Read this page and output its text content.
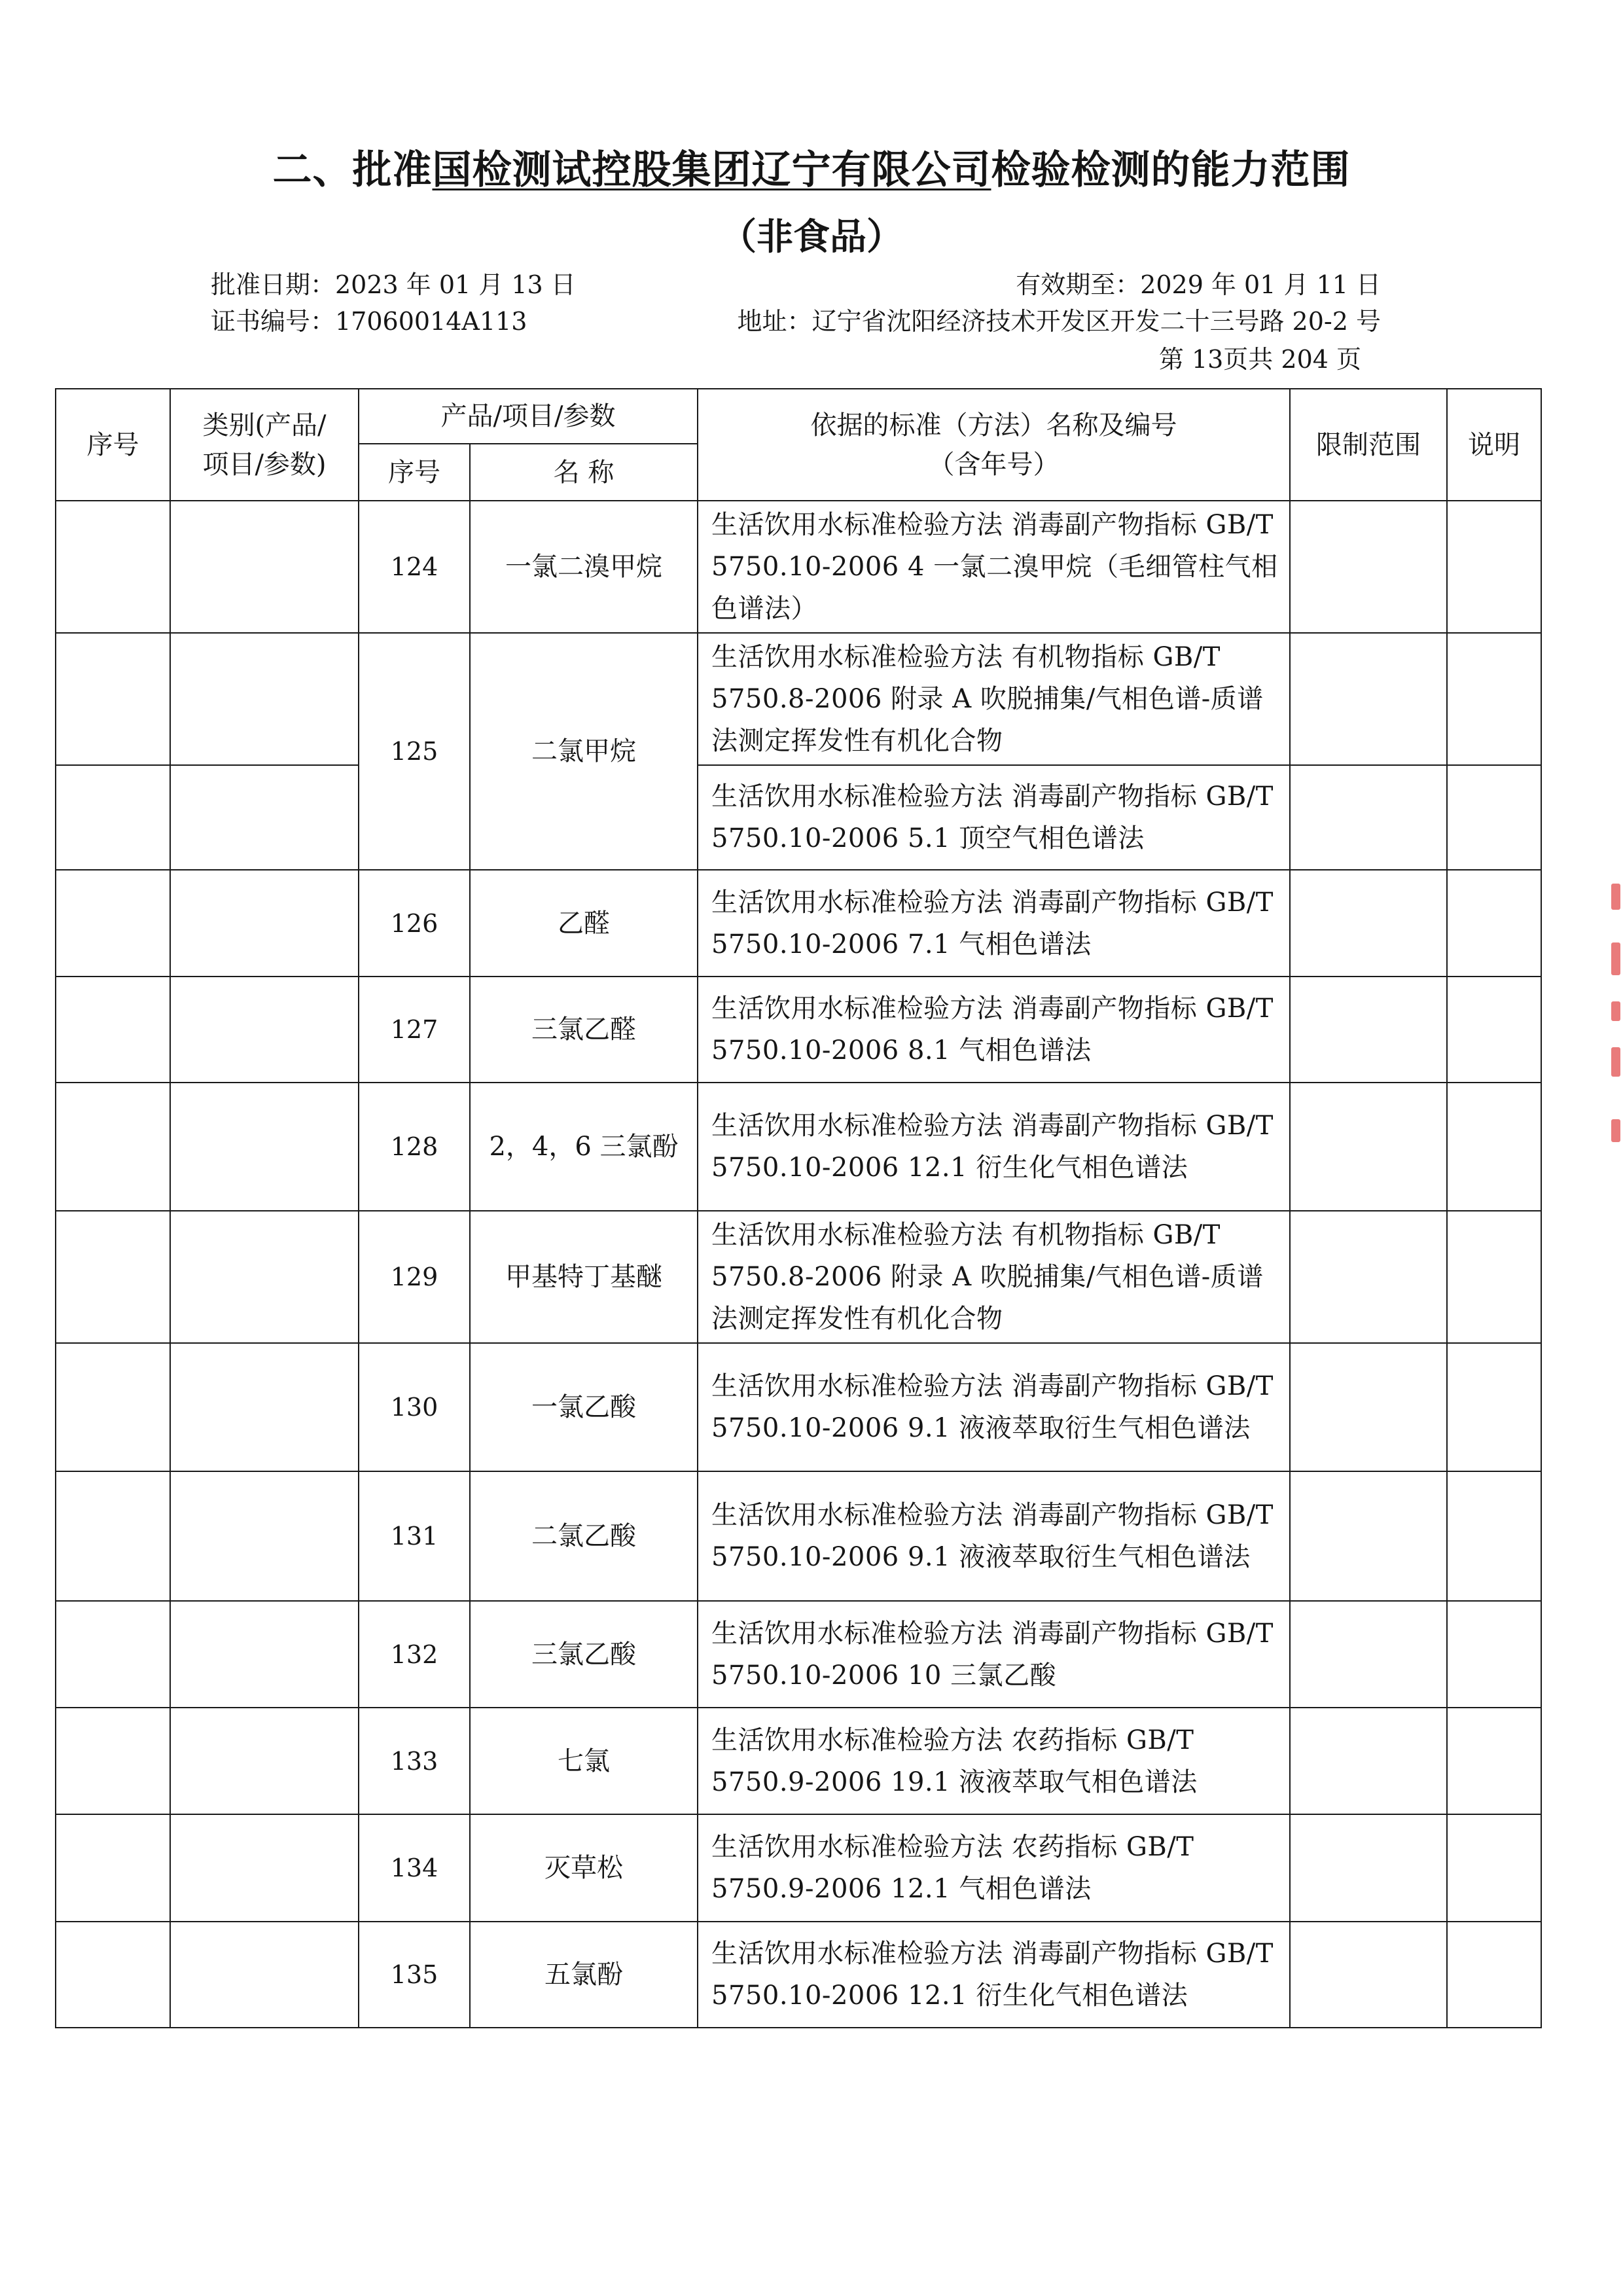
二、批准国检测试控股集团辽宁有限公司检验检测的能力范围
（非食品）
批准日期：2023 年 01 月 13 日	有效期至：2029 年 01 月 11 日
证书编号：17060014A113	地址：辽宁省沈阳经济技术开发区开发二十三号路 20-2 号
第 13页共 204 页
序号	类别(产品/项目/参数)	产品/项目/参数		依据的标准（方法）名称及编号（含年号）	限制范围	说明
		序号	名 称			
		124	一氯二溴甲烷	生活饮用水标准检验方法 消毒副产物指标 GB/T 5750.10-2006 4 一氯二溴甲烷（毛细管柱气相色谱法）		
		125	二氯甲烷	生活饮用水标准检验方法 有机物指标 GB/T 5750.8-2006 附录 A 吹脱捕集/气相色谱-质谱法测定挥发性有机化合物		
				生活饮用水标准检验方法 消毒副产物指标 GB/T 5750.10-2006 5.1 顶空气相色谱法		
		126	乙醛	生活饮用水标准检验方法 消毒副产物指标 GB/T 5750.10-2006 7.1 气相色谱法		
		127	三氯乙醛	生活饮用水标准检验方法 消毒副产物指标 GB/T 5750.10-2006 8.1 气相色谱法		
		128	2，4，6 三氯酚	生活饮用水标准检验方法 消毒副产物指标 GB/T 5750.10-2006 12.1 衍生化气相色谱法		
		129	甲基特丁基醚	生活饮用水标准检验方法 有机物指标 GB/T 5750.8-2006 附录 A 吹脱捕集/气相色谱-质谱法测定挥发性有机化合物		
		130	一氯乙酸	生活饮用水标准检验方法 消毒副产物指标 GB/T 5750.10-2006 9.1 液液萃取衍生气相色谱法		
		131	二氯乙酸	生活饮用水标准检验方法 消毒副产物指标 GB/T 5750.10-2006 9.1 液液萃取衍生气相色谱法		
		132	三氯乙酸	生活饮用水标准检验方法 消毒副产物指标 GB/T 5750.10-2006 10 三氯乙酸		
		133	七氯	生活饮用水标准检验方法 农药指标 GB/T 5750.9-2006 19.1 液液萃取气相色谱法		
		134	灭草松	生活饮用水标准检验方法 农药指标 GB/T 5750.9-2006 12.1 气相色谱法		
		135	五氯酚	生活饮用水标准检验方法 消毒副产物指标 GB/T 5750.10-2006 12.1 衍生化气相色谱法		
